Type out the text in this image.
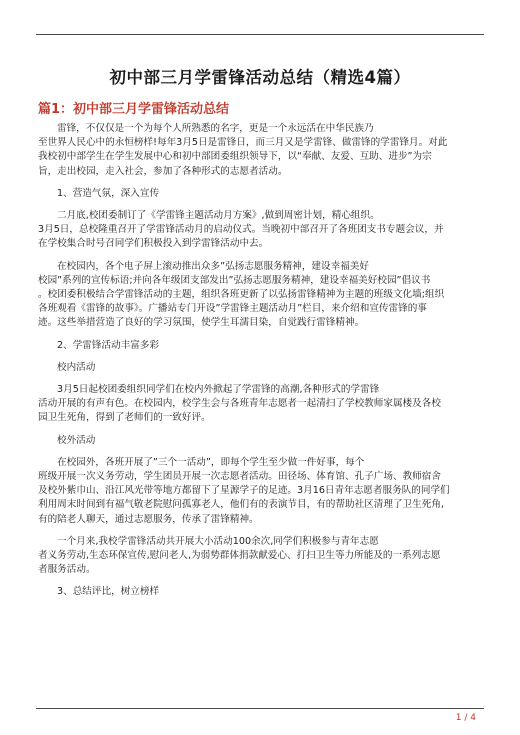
初中部三月学雷锋活动总结（精选4篇）
篇1：初中部三月学雷锋活动总结

雷锋，不仅仅是一个为每个人所熟悉的名字，更是一个永远活在中华民族乃
至世界人民心中的永恒榜样!每年3月5日是雷锋日，而三月又是学雷锋、做雷锋的学雷锋月。对此
我校初中部学生在学生发展中心和初中部团委组织领导下，以“奉献、友爱、互助、进步”为宗
旨，走出校园，走入社会，参加了各种形式的志愿者活动。

1、营造气氛，深入宣传

二月底,校团委制订了《学雷锋主题活动月方案》,做到周密计划，精心组织。
3月5日，总校隆重召开了学雷锋活动月的启动仪式。当晚初中部召开了各班团支书专题会议，并
在学校集合时号召同学们积极投入到学雷锋活动中去。

在校园内，各个电子屏上滚动推出众多”弘扬志愿服务精神，建设幸福美好
校园”系列的宣传标语;并向各年级团支部发出”弘扬志愿服务精神，建设幸福美好校园”倡议书
。校团委积极结合学雷锋活动的主题，组织各班更新了以弘扬雷锋精神为主题的班级文化墙;组织
各班观看《雷锋的故事》。广播站专门开设”学雷锋主题活动月”栏目，来介绍和宣传雷锋的事
迹。这些举措营造了良好的学习氛围，使学生耳濡目染，自觉践行雷锋精神。

2、学雷锋活动丰富多彩

校内活动

3月5日起校团委组织同学们在校内外掀起了学雷锋的高潮,各种形式的学雷锋
活动开展的有声有色。在校园内，校学生会与各班青年志愿者一起清扫了学校教师家属楼及各校
园卫生死角，得到了老师们的一致好评。

校外活动

在校园外，各班开展了”三个一活动”，即每个学生至少做一件好事，每个
班级开展一次义务劳动，学生团员开展一次志愿者活动。田径场、体育馆、孔子广场、教师宿舍
及校外紫巾山、沿江风光带等地方都留下了星源学子的足迹。3月16日青年志愿者服务队的同学们
利用周末时间到有福气敬老院慰问孤寡老人，他们有的表演节目，有的帮助社区清理了卫生死角,
有的陪老人聊天，通过志愿服务，传承了雷锋精神。

一个月来,我校学雷锋活动共开展大小活动100余次,同学们积极参与青年志愿
者义务劳动,生态环保宣传,慰问老人,为弱势群体捐款献爱心、打扫卫生等力所能及的一系列志愿
者服务活动。

3、总结评比，树立榜样

1 / 4
